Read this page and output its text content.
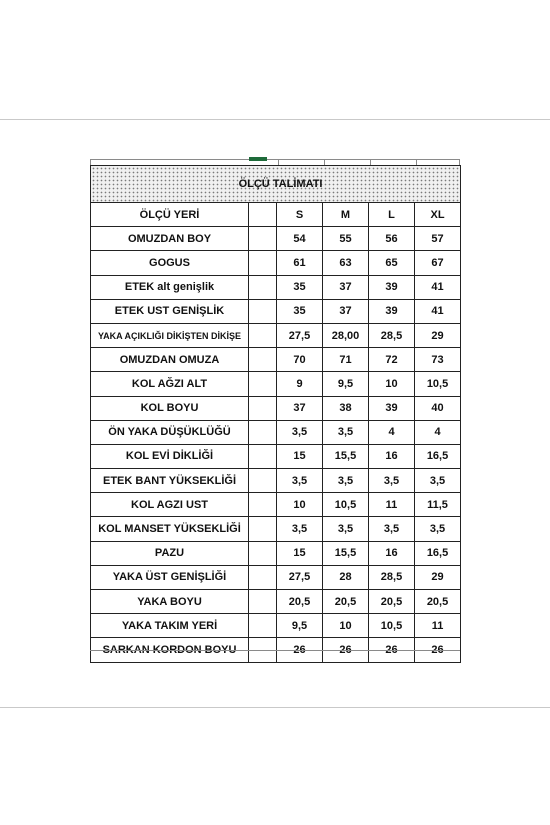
ÖLÇÜ TALİMATI					
ÖLÇÜ YERİ		S	M	L	XL
OMUZDAN BOY		54	55	56	57
GOGUS		61	63	65	67
ETEK alt genişlik		35	37	39	41
ETEK UST GENİŞLİK		35	37	39	41
YAKA AÇIKLIĞI DİKİŞTEN DİKİŞE		27,5	28,00	28,5	29
OMUZDAN OMUZA		70	71	72	73
KOL AĞZI ALT		9	9,5	10	10,5
KOL BOYU		37	38	39	40
ÖN YAKA DÜŞÜKLÜĞÜ		3,5	3,5	4	4
KOL EVİ DİKLİĞİ		15	15,5	16	16,5
ETEK BANT YÜKSEKLİĞİ		3,5	3,5	3,5	3,5
KOL AGZI UST		10	10,5	11	11,5
KOL MANSET YÜKSEKLİĞİ		3,5	3,5	3,5	3,5
PAZU		15	15,5	16	16,5
YAKA ÜST GENİŞLİĞİ		27,5	28	28,5	29
YAKA BOYU		20,5	20,5	20,5	20,5
YAKA TAKIM YERİ		9,5	10	10,5	11
SARKAN KORDON BOYU		26	26	26	26
